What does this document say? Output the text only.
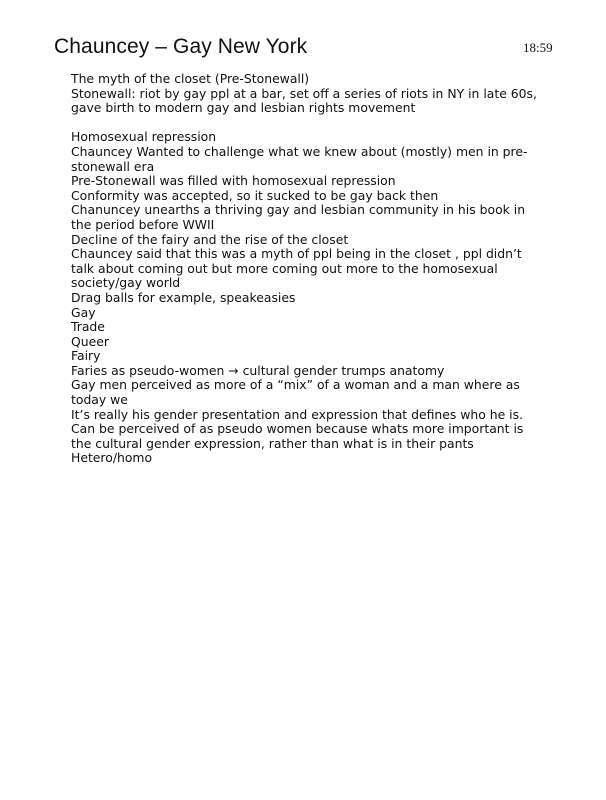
Chauncey – Gay New York	18:59

The myth of the closet (Pre-Stonewall)

Stonewall: riot by gay ppl at a bar, set off a series of riots in NY in late 60s, gave birth to modern gay and lesbian rights movement

Homosexual repression

Chauncey Wanted to challenge what we knew about (mostly) men in pre-stonewall era

Pre-Stonewall was filled with homosexual repression

Conformity was accepted, so it sucked to be gay back then

Chanuncey unearths a thriving gay and lesbian community in his book in the period before WWII

Decline of the fairy and the rise of the closet

Chauncey said that this was a myth of ppl being in the closet , ppl didn’t talk about coming out but more coming out more to the homosexual society/gay world

Drag balls for example, speakeasies

Gay

Trade

Queer

Fairy

Faries as pseudo-women → cultural gender trumps anatomy

Gay men perceived as more of a “mix” of a woman and a man where as today we

It’s really his gender presentation and expression that defines who he is. Can be perceived of as pseudo women because whats more important is the cultural gender expression, rather than what is in their pants

Hetero/homo
